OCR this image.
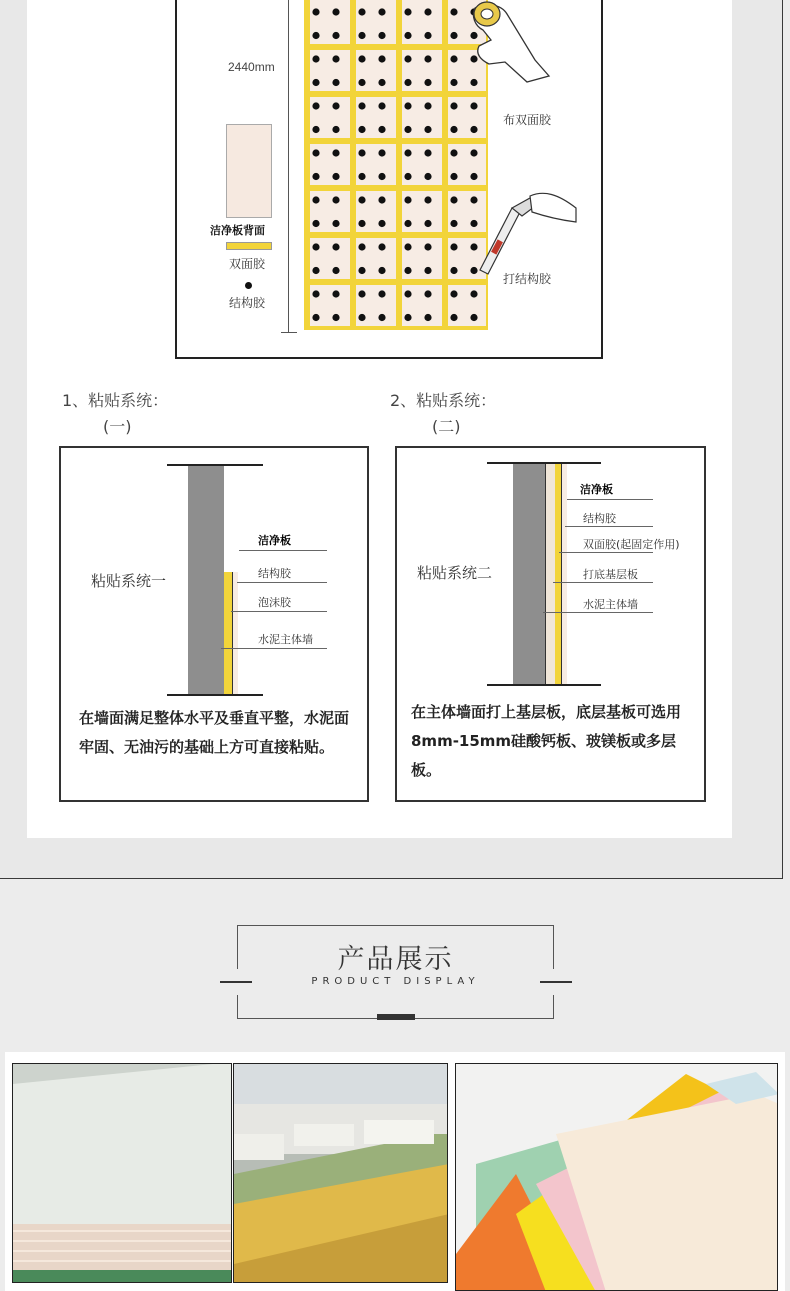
2440mm
洁净板背面
双面胶
结构胶
布双面胶
打结构胶
1、粘贴系统：
(一)
2、粘贴系统：
(二)
粘贴系统一
洁净板
结构胶
泡沫胶
水泥主体墙
在墙面满足整体水平及垂直平整，水泥面牢固、无油污的基础上方可直接粘贴。
粘贴系统二
洁净板
结构胶
双面胶(起固定作用)
打底基层板
水泥主体墙
在主体墙面打上基层板，底层基板可选用8mm-15mm硅酸钙板、玻镁板或多层板。
产品展示
PRODUCT DISPLAY
